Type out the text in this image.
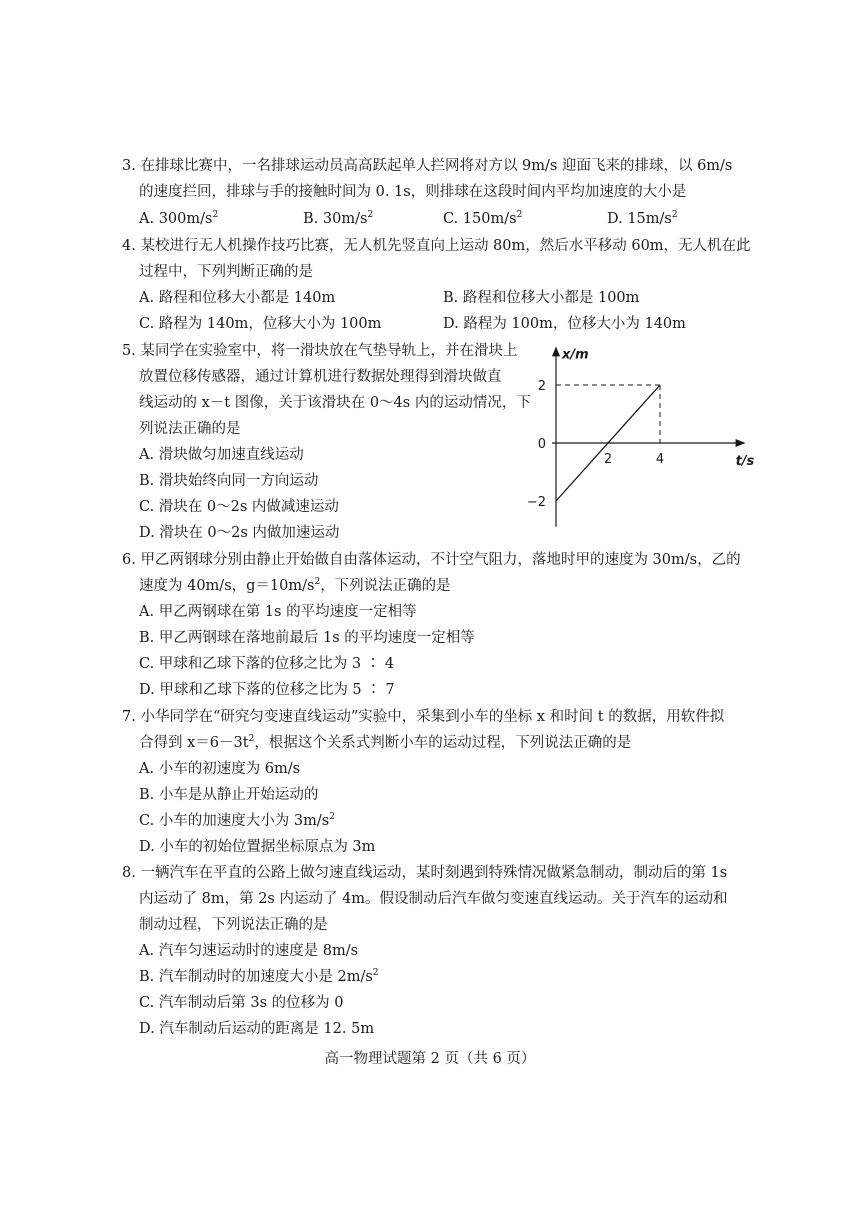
3. 在排球比赛中，一名排球运动员高高跃起单人拦网将对方以 9m/s 迎面飞来的排球，以 6m/s
的速度拦回，排球与手的接触时间为 0. 1s，则排球在这段时间内平均加速度的大小是
A. $300m/s^2$	B. $30m/s^2$	C. $150m/s^2$	D. $15m/s^2$
4. 某校进行无人机操作技巧比赛，无人机先竖直向上运动 80m，然后水平移动 60m，无人机在此
过程中，下列判断正确的是
A. 路程和位移大小都是 140m	B. 路程和位移大小都是 100m
C. 路程为 140m，位移大小为 100m	D. 路程为 100m，位移大小为 140m
5. 某同学在实验室中，将一滑块放在气垫导轨上，并在滑块上
放置位移传感器，通过计算机进行数据处理得到滑块做直
线运动的 x－t 图像，关于该滑块在 0～4s 内的运动情况，下
列说法正确的是
A. 滑块做匀加速直线运动
B. 滑块始终向同一方向运动
C. 滑块在 0～2s 内做减速运动
D. 滑块在 0～2s 内做加速运动
x/m
t/s
2
0
−2
2	4
6. 甲乙两钢球分别由静止开始做自由落体运动，不计空气阻力，落地时甲的速度为 30m/s，乙的
速度为 40m/s，$g=10m/s^2$，下列说法正确的是
A. 甲乙两钢球在第 1s 的平均速度一定相等
B. 甲乙两钢球在落地前最后 1s 的平均速度一定相等
C. 甲球和乙球下落的位移之比为 3 ∶ 4
D. 甲球和乙球下落的位移之比为 5 ∶ 7
7. 小华同学在“研究匀变速直线运动”实验中，采集到小车的坐标 x 和时间 t 的数据，用软件拟
合得到 $x=6-3t^2$，根据这个关系式判断小车的运动过程，下列说法正确的是
A. 小车的初速度为 6m/s
B. 小车是从静止开始运动的
C. 小车的加速度大小为 $3m/s^2$
D. 小车的初始位置据坐标原点为 3m
8. 一辆汽车在平直的公路上做匀速直线运动，某时刻遇到特殊情况做紧急制动，制动后的第 1s
内运动了 8m，第 2s 内运动了 4m。假设制动后汽车做匀变速直线运动。关于汽车的运动和
制动过程，下列说法正确的是
A. 汽车匀速运动时的速度是 8m/s
B. 汽车制动时的加速度大小是 $2m/s^2$
C. 汽车制动后第 3s 的位移为 0
D. 汽车制动后运动的距离是 12. 5m
高一物理试题第 2 页（共 6 页）
